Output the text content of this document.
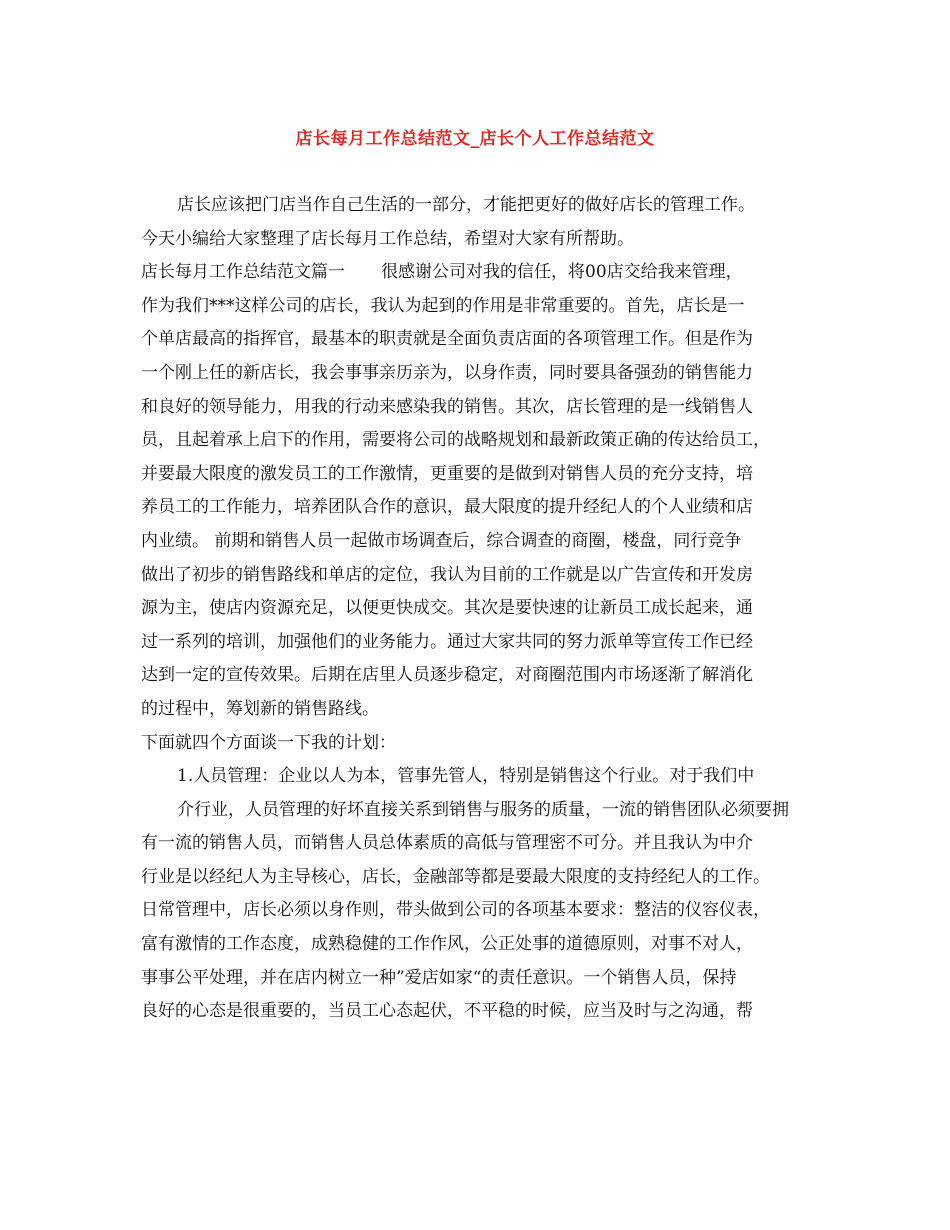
店长每月工作总结范文_店长个人工作总结范文
店长应该把门店当作自己生活的一部分，才能把更好的做好店长的管理工作。
今天小编给大家整理了店长每月工作总结，希望对大家有所帮助。
店长每月工作总结范文篇一 很感谢公司对我的信任，将00店交给我来管理，
作为我们***这样公司的店长，我认为起到的作用是非常重要的。首先，店长是一
个单店最高的指挥官，最基本的职责就是全面负责店面的各项管理工作。但是作为
一个刚上任的新店长，我会事事亲历亲为，以身作责，同时要具备强劲的销售能力
和良好的领导能力，用我的行动来感染我的销售。其次，店长管理的是一线销售人
员，且起着承上启下的作用，需要将公司的战略规划和最新政策正确的传达给员工，
并要最大限度的激发员工的工作激情，更重要的是做到对销售人员的充分支持，培
养员工的工作能力，培养团队合作的意识，最大限度的提升经纪人的个人业绩和店
内业绩。 前期和销售人员一起做市场调查后，综合调查的商圈，楼盘，同行竞争
做出了初步的销售路线和单店的定位，我认为目前的工作就是以广告宣传和开发房
源为主，使店内资源充足，以便更快成交。其次是要快速的让新员工成长起来，通
过一系列的培训，加强他们的业务能力。通过大家共同的努力派单等宣传工作已经
达到一定的宣传效果。后期在店里人员逐步稳定，对商圈范围内市场逐渐了解消化
的过程中，筹划新的销售路线。
下面就四个方面谈一下我的计划：
1.人员管理：企业以人为本，管事先管人，特别是销售这个行业。对于我们中
介行业，人员管理的好坏直接关系到销售与服务的质量，一流的销售团队必须要拥
有一流的销售人员，而销售人员总体素质的高低与管理密不可分。并且我认为中介
行业是以经纪人为主导核心，店长，金融部等都是要最大限度的支持经纪人的工作。
日常管理中，店长必须以身作则，带头做到公司的各项基本要求：整洁的仪容仪表，
富有激情的工作态度，成熟稳健的工作作风，公正处事的道德原则，对事不对人，
事事公平处理，并在店内树立一种”爱店如家“的责任意识。一个销售人员，保持
良好的心态是很重要的，当员工心态起伏，不平稳的时候，应当及时与之沟通，帮
